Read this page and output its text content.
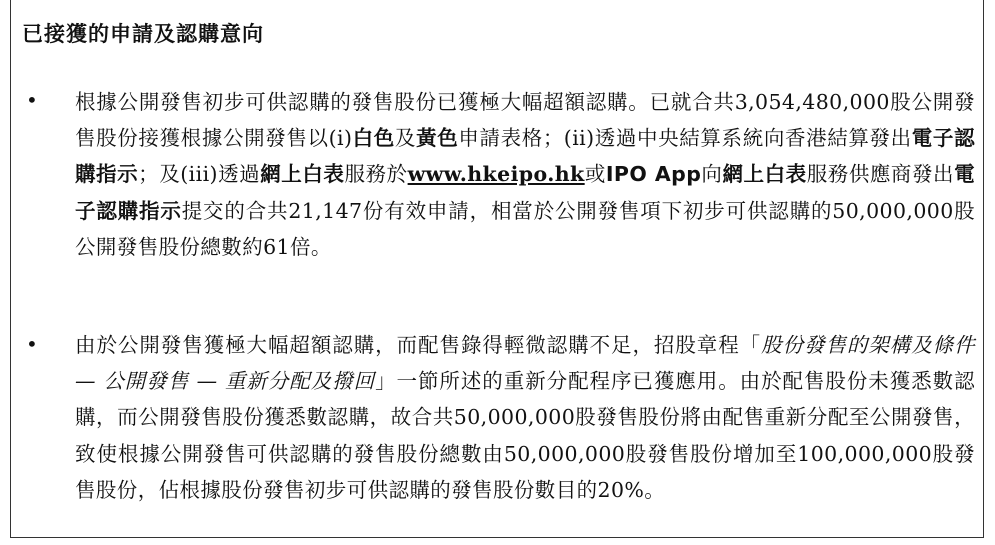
已接獲的申請及認購意向
• 根據公開發售初步可供認購的發售股份已獲極大幅超額認購。已就合共3,054,480,000股公開發售股份接獲根據公開發售以(i)白色及黃色申請表格；(ii)透過中央結算系統向香港結算發出電子認購指示；及(iii)透過網上白表服務於www.hkeipo.hk或IPO App向網上白表服務供應商發出電子認購指示提交的合共21,147份有效申請，相當於公開發售項下初步可供認購的50,000,000股公開發售股份總數約61倍。
• 由於公開發售獲極大幅超額認購，而配售錄得輕微認購不足，招股章程「股份發售的架構及條件 — 公開發售 — 重新分配及撥回」一節所述的重新分配程序已獲應用。由於配售股份未獲悉數認購，而公開發售股份獲悉數認購，故合共50,000,000股發售股份將由配售重新分配至公開發售，致使根據公開發售可供認購的發售股份總數由50,000,000股發售股份增加至100,000,000股發售股份，佔根據股份發售初步可供認購的發售股份數目的20%。
